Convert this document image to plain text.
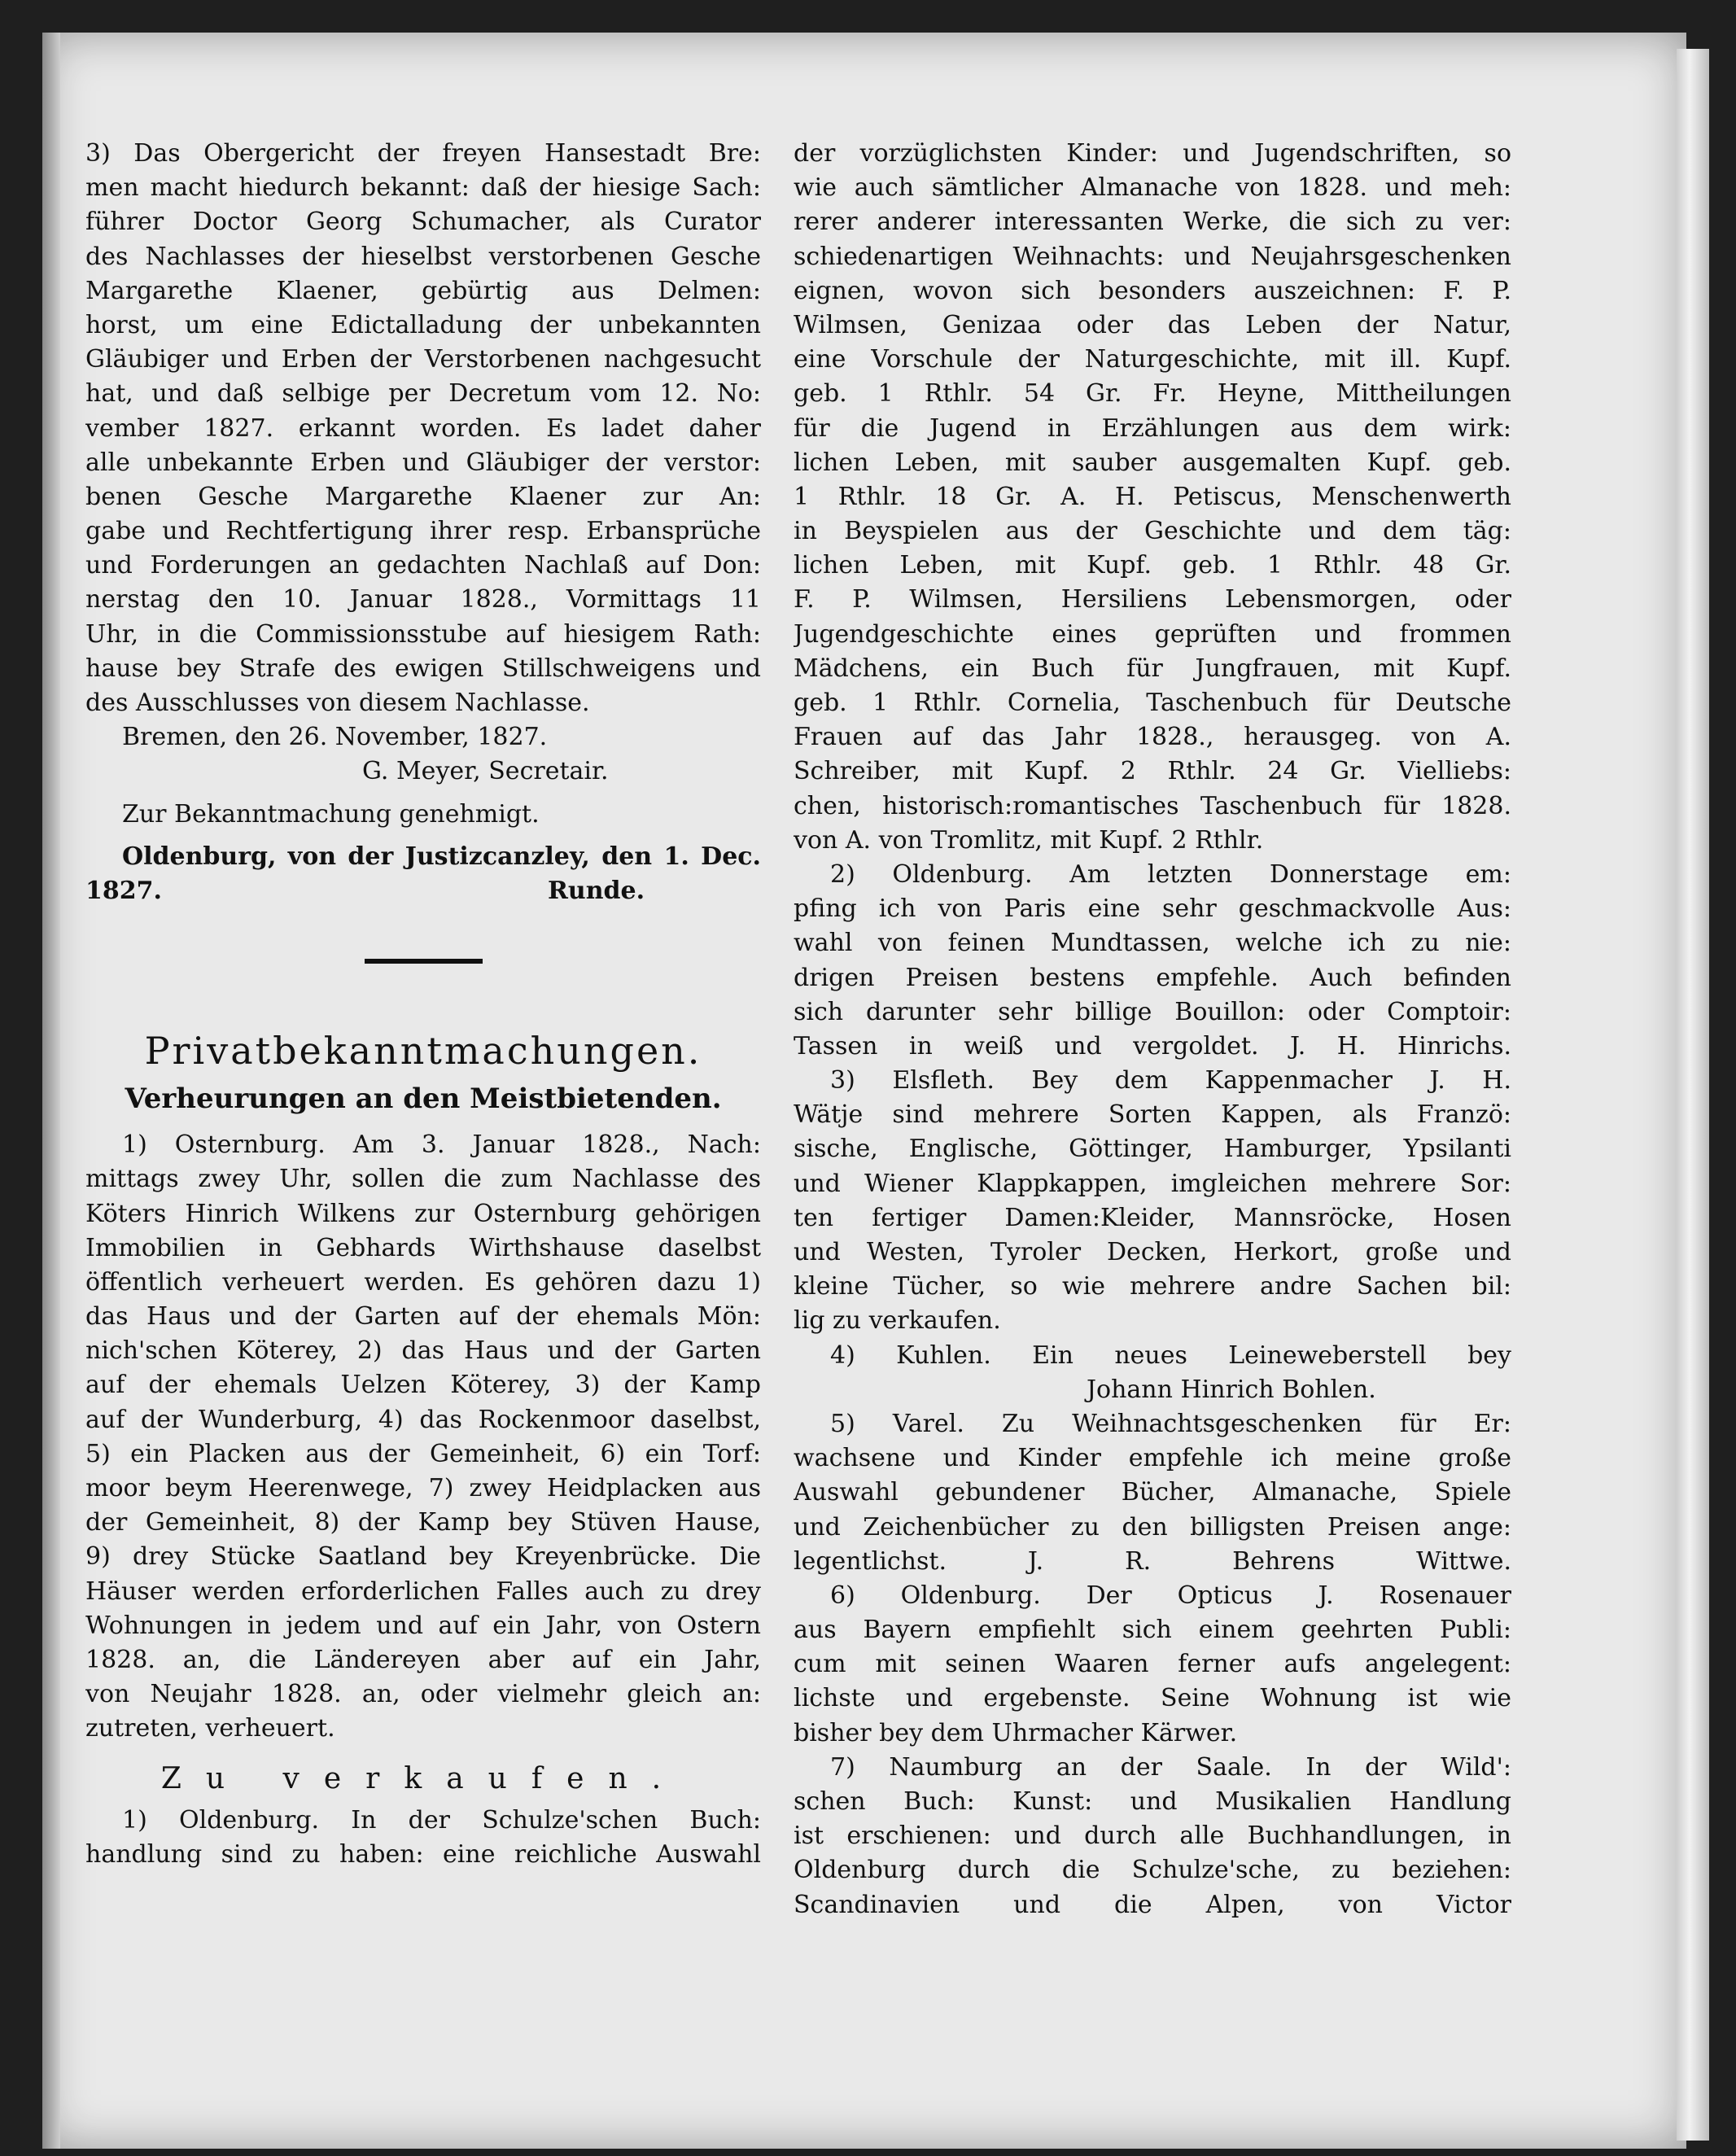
3) Das Obergericht der freyen Hansestadt Bre:
men macht hiedurch bekannt: daß der hiesige Sach:
führer Doctor Georg Schumacher, als Curator
des Nachlasses der hieselbst verstorbenen Gesche
Margarethe Klaener, gebürtig aus Delmen:
horst, um eine Edictalladung der unbekannten
Gläubiger und Erben der Verstorbenen nachgesucht
hat, und daß selbige per Decretum vom 12. No:
vember 1827. erkannt worden. Es ladet daher
alle unbekannte Erben und Gläubiger der verstor:
benen Gesche Margarethe Klaener zur An:
gabe und Rechtfertigung ihrer resp. Erbansprüche
und Forderungen an gedachten Nachlaß auf Don:
nerstag den 10. Januar 1828., Vormittags 11
Uhr, in die Commissionsstube auf hiesigem Rath:
hause bey Strafe des ewigen Stillschweigens und
des Ausschlusses von diesem Nachlasse.
Bremen, den 26. November, 1827.
G. Meyer, Secretair.
Zur Bekanntmachung genehmigt.
Oldenburg, von der Justizcanzley, den 1. Dec.
1827.	Runde.
Privatbekanntmachungen.
Verheurungen an den Meistbietenden.
1) Osternburg. Am 3. Januar 1828., Nach:
mittags zwey Uhr, sollen die zum Nachlasse des
Köters Hinrich Wilkens zur Osternburg gehörigen
Immobilien in Gebhards Wirthshause daselbst
öffentlich verheuert werden. Es gehören dazu 1)
das Haus und der Garten auf der ehemals Mön:
nich'schen Köterey, 2) das Haus und der Garten
auf der ehemals Uelzen Köterey, 3) der Kamp
auf der Wunderburg, 4) das Rockenmoor daselbst,
5) ein Placken aus der Gemeinheit, 6) ein Torf:
moor beym Heerenwege, 7) zwey Heidplacken aus
der Gemeinheit, 8) der Kamp bey Stüven Hause,
9) drey Stücke Saatland bey Kreyenbrücke. Die
Häuser werden erforderlichen Falles auch zu drey
Wohnungen in jedem und auf ein Jahr, von Ostern
1828. an, die Ländereyen aber auf ein Jahr,
von Neujahr 1828. an, oder vielmehr gleich an:
zutreten, verheuert.
Zu verkaufen.
1) Oldenburg. In der Schulze'schen Buch:
handlung sind zu haben: eine reichliche Auswahl
der vorzüglichsten Kinder: und Jugendschriften, so
wie auch sämtlicher Almanache von 1828. und meh:
rerer anderer interessanten Werke, die sich zu ver:
schiedenartigen Weihnachts: und Neujahrsgeschenken
eignen, wovon sich besonders auszeichnen: F. P.
Wilmsen, Genizaa oder das Leben der Natur,
eine Vorschule der Naturgeschichte, mit ill. Kupf.
geb. 1 Rthlr. 54 Gr. Fr. Heyne, Mittheilungen
für die Jugend in Erzählungen aus dem wirk:
lichen Leben, mit sauber ausgemalten Kupf. geb.
1 Rthlr. 18 Gr. A. H. Petiscus, Menschenwerth
in Beyspielen aus der Geschichte und dem täg:
lichen Leben, mit Kupf. geb. 1 Rthlr. 48 Gr.
F. P. Wilmsen, Hersiliens Lebensmorgen, oder
Jugendgeschichte eines geprüften und frommen
Mädchens, ein Buch für Jungfrauen, mit Kupf.
geb. 1 Rthlr. Cornelia, Taschenbuch für Deutsche
Frauen auf das Jahr 1828., herausgeg. von A.
Schreiber, mit Kupf. 2 Rthlr. 24 Gr. Vielliebs:
chen, historisch:romantisches Taschenbuch für 1828.
von A. von Tromlitz, mit Kupf. 2 Rthlr.
2) Oldenburg. Am letzten Donnerstage em:
pfing ich von Paris eine sehr geschmackvolle Aus:
wahl von feinen Mundtassen, welche ich zu nie:
drigen Preisen bestens empfehle. Auch befinden
sich darunter sehr billige Bouillon: oder Comptoir:
Tassen in weiß und vergoldet. J. H. Hinrichs.
3) Elsfleth. Bey dem Kappenmacher J. H.
Wätje sind mehrere Sorten Kappen, als Franzö:
sische, Englische, Göttinger, Hamburger, Ypsilanti
und Wiener Klappkappen, imgleichen mehrere Sor:
ten fertiger Damen:Kleider, Mannsröcke, Hosen
und Westen, Tyroler Decken, Herkort, große und
kleine Tücher, so wie mehrere andre Sachen bil:
lig zu verkaufen.
4) Kuhlen. Ein neues Leineweberstell bey
Johann Hinrich Bohlen.
5) Varel. Zu Weihnachtsgeschenken für Er:
wachsene und Kinder empfehle ich meine große
Auswahl gebundener Bücher, Almanache, Spiele
und Zeichenbücher zu den billigsten Preisen ange:
legentlichst. J. R. Behrens Wittwe.
6) Oldenburg. Der Opticus J. Rosenauer
aus Bayern empfiehlt sich einem geehrten Publi:
cum mit seinen Waaren ferner aufs angelegent:
lichste und ergebenste. Seine Wohnung ist wie
bisher bey dem Uhrmacher Kärwer.
7) Naumburg an der Saale. In der Wild':
schen Buch: Kunst: und Musikalien Handlung
ist erschienen: und durch alle Buchhandlungen, in
Oldenburg durch die Schulze'sche, zu beziehen:
Scandinavien und die Alpen, von Victor
